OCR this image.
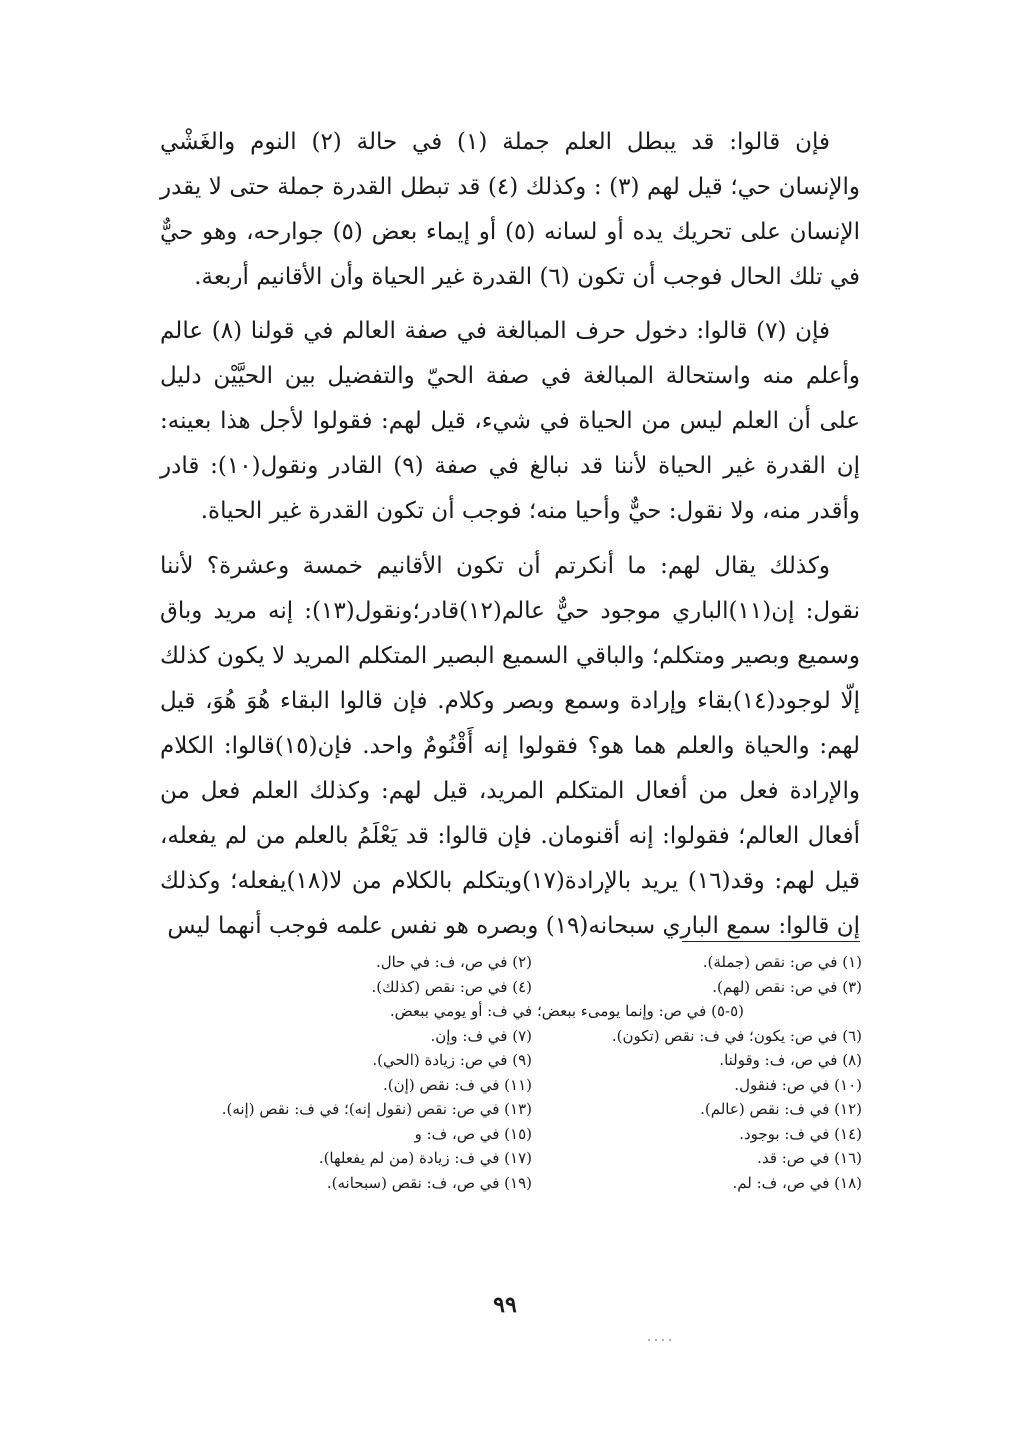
فإن قالوا: قد يبطل العلم جملة (١) في حالة (٢) النوم والغَشْي والإنسان حي؛ قيل لهم (٣) : وكذلك (٤) قد تبطل القدرة جملة حتى لا يقدر الإنسان على تحريك يده أو لسانه (٥) أو إيماء بعض (٥) جوارحه، وهو حيٌّ في تلك الحال فوجب أن تكون (٦) القدرة غير الحياة وأن الأقانيم أربعة.

فإن (٧) قالوا: دخول حرف المبالغة في صفة العالم في قولنا (٨) عالم وأعلم منه واستحالة المبالغة في صفة الحيّ والتفضيل بين الحيَّيْن دليل على أن العلم ليس من الحياة في شيء، قيل لهم: فقولوا لأجل هذا بعينه: إن القدرة غير الحياة لأننا قد نبالغ في صفة (٩) القادر ونقول(١٠): قادر وأقدر منه، ولا نقول: حيٌّ وأحيا منه؛ فوجب أن تكون القدرة غير الحياة.

وكذلك يقال لهم: ما أنكرتم أن تكون الأقانيم خمسة وعشرة؟ لأننا نقول: إن(١١)الباري موجود حيٌّ عالم(١٢)قادر؛ونقول(١٣): إنه مريد وباق وسميع وبصير ومتكلم؛ والباقي السميع البصير المتكلم المريد لا يكون كذلك إلّا لوجود(١٤)بقاء وإرادة وسمع وبصر وكلام. فإن قالوا البقاء هُوَ هُوَ، قيل لهم: والحياة والعلم هما هو؟ فقولوا إنه أَقْنُومٌ واحد. فإن(١٥)قالوا: الكلام والإرادة فعل من أفعال المتكلم المريد، قيل لهم: وكذلك العلم فعل من أفعال العالم؛ فقولوا: إنه أقنومان. فإن قالوا: قد يَعْلَمُ بالعلم من لم يفعله، قيل لهم: وقد(١٦) يريد بالإرادة(١٧)ويتكلم بالكلام من لا(١٨)يفعله؛ وكذلك إن قالوا: سمع الباري سبحانه(١٩) وبصره هو نفس علمه فوجب أنهما ليس

(١) في ص: نقص (جملة).
(٢) في ص، ف: في حال.
(٣) في ص: نقص (لهم).
(٤) في ص: نقص (كذلك).
(٥-٥) في ص: وإنما يومىء ببعض؛ في ف: أو يومي ببعض.
(٦) في ص: يكون؛ في ف: نقص (تكون).
(٧) في ف: وإن.
(٨) في ص، ف: وقولنا.
(٩) في ص: زيادة (الحي).
(١٠) في ص: فنقول.
(١١) في ف: نقص (إن).
(١٢) في ف: نقص (عالم).
(١٣) في ص: نقص (نقول إنه)؛ في ف: نقص (إنه).
(١٤) في ف: بوجود.
(١٥) في ص، ف: و
(١٦) في ص: قد.
(١٧) في ف: زيادة (من لم يفعلها).
(١٨) في ص، ف: لم.
(١٩) في ص، ف: نقص (سبحانه).
٩٩
